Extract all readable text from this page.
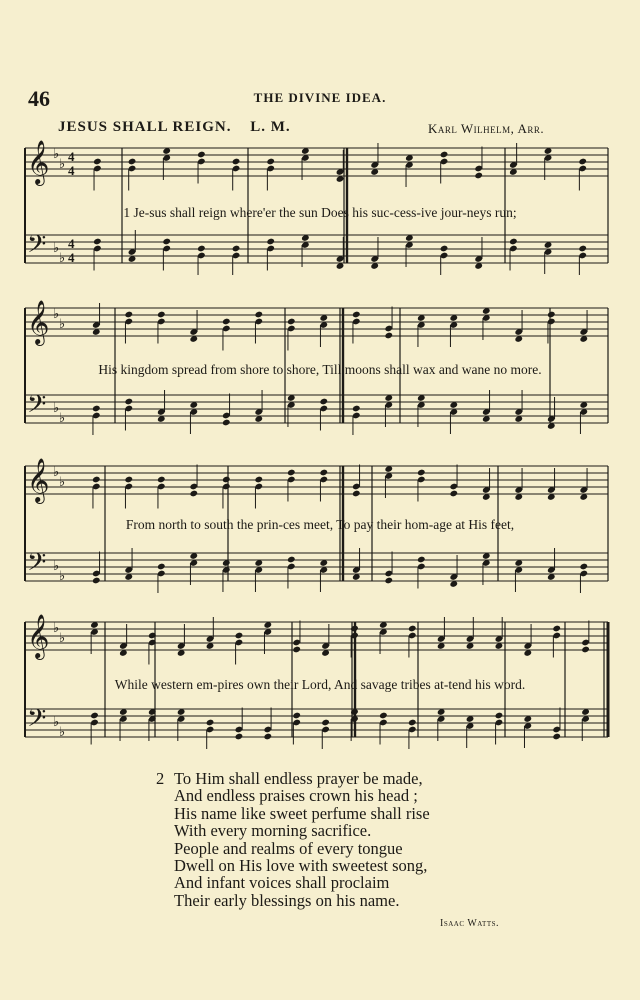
46	THE DIVINE IDEA.
JESUS SHALL REIGN. L. M.	Karl Wilhelm, Arr.
𝄞 ♭
♭
4
4
𝄢 ♭
♭
4
4
1 Je-sus shall reign where'er the sun Does his suc-cess-ive jour-neys run;
𝄞 ♭
♭
𝄢 ♭
♭
His kingdom spread from shore to shore, Till moons shall wax and wane no more.
𝄞 ♭
♭
𝄢 ♭
♭
From north to south the prin-ces meet, To pay their hom-age at His feet,
𝄞 ♭
♭
𝄢 ♭
♭
While western em-pires own their Lord, And savage tribes at-tend his word.
2 To Him shall endless prayer be made,
And endless praises crown his head ;
His name like sweet perfume shall rise
With every morning sacrifice.
People and realms of every tongue
Dwell on His love with sweetest song,
And infant voices shall proclaim
Their early blessings on his name.
Isaac Watts.
